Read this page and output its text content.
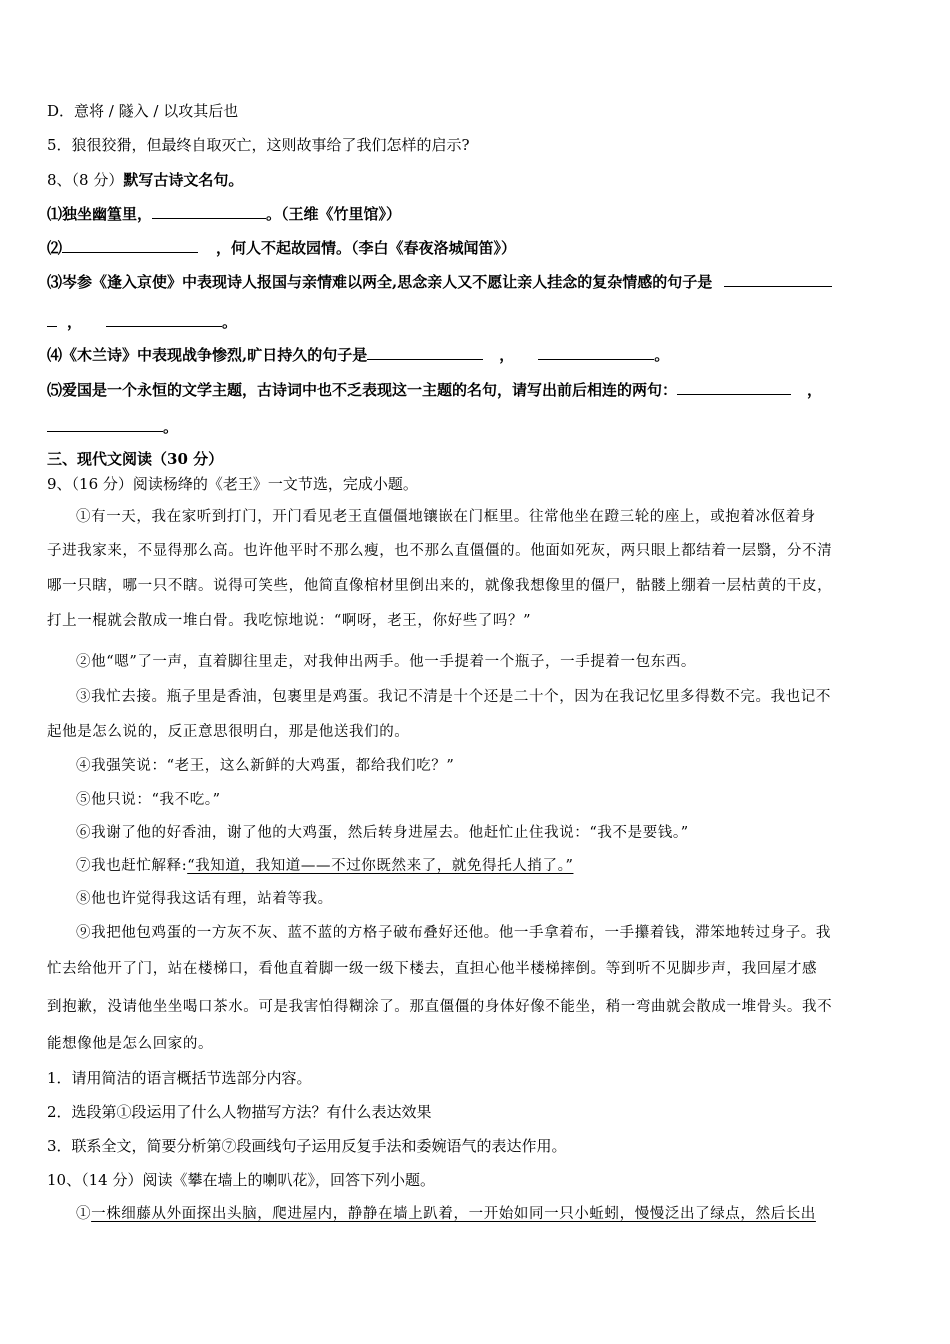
D．意将 / 隧入 / 以攻其后也
5．狼很狡猾，但最终自取灭亡，这则故事给了我们怎样的启示?
8、（8 分）默写古诗文名句。
⑴独坐幽篁里，	。（王维《竹里馆》）
⑵	，何人不起故园情。（李白《春夜洛城闻笛》）
⑶岑参《逢入京使》中表现诗人报国与亲情难以两全,思念亲人又不愿让亲人挂念的复杂情感的句子是
，	。
⑷《木兰诗》中表现战争惨烈,旷日持久的句子是	，	。
⑸爱国是一个永恒的文学主题，古诗词中也不乏表现这一主题的名句，请写出前后相连的两句：	，
。
三、现代文阅读（30 分）
9、（16 分）阅读杨绛的《老王》一文节选，完成小题。
①有一天，我在家听到打门，开门看见老王直僵僵地镶嵌在门框里。往常他坐在蹬三轮的座上，或抱着冰伛着身
子进我家来，不显得那么高。也许他平时不那么瘦，也不那么直僵僵的。他面如死灰，两只眼上都结着一层翳，分不清
哪一只瞎，哪一只不瞎。说得可笑些，他简直像棺材里倒出来的，就像我想像里的僵尸，骷髅上绷着一层枯黄的干皮，
打上一棍就会散成一堆白骨。我吃惊地说：“啊呀，老王，你好些了吗？”
②他“嗯”了一声，直着脚往里走，对我伸出两手。他一手提着一个瓶子，一手提着一包东西。
③我忙去接。瓶子里是香油，包裹里是鸡蛋。我记不清是十个还是二十个，因为在我记忆里多得数不完。我也记不
起他是怎么说的，反正意思很明白，那是他送我们的。
④我强笑说：“老王，这么新鲜的大鸡蛋，都给我们吃？”
⑤他只说：“我不吃。”
⑥我谢了他的好香油，谢了他的大鸡蛋，然后转身进屋去。他赶忙止住我说：“我不是要钱。”
⑦我也赶忙解释:“我知道，我知道——不过你既然来了，就免得托人捎了。”
⑧他也许觉得我这话有理，站着等我。
⑨我把他包鸡蛋的一方灰不灰、蓝不蓝的方格子破布叠好还他。他一手拿着布，一手攥着钱，滞笨地转过身子。我
忙去给他开了门，站在楼梯口，看他直着脚一级一级下楼去，直担心他半楼梯摔倒。等到听不见脚步声，我回屋才感
到抱歉，没请他坐坐喝口茶水。可是我害怕得糊涂了。那直僵僵的身体好像不能坐，稍一弯曲就会散成一堆骨头。我不
能想像他是怎么回家的。
1．请用简洁的语言概括节选部分内容。
2．选段第①段运用了什么人物描写方法？有什么表达效果
3．联系全文，简要分析第⑦段画线句子运用反复手法和委婉语气的表达作用。
10、（14 分）阅读《攀在墙上的喇叭花》，回答下列小题。
①一株细藤从外面探出头脑，爬进屋内，静静在墙上趴着，一开始如同一只小蚯蚓，慢慢泛出了绿点，然后长出
